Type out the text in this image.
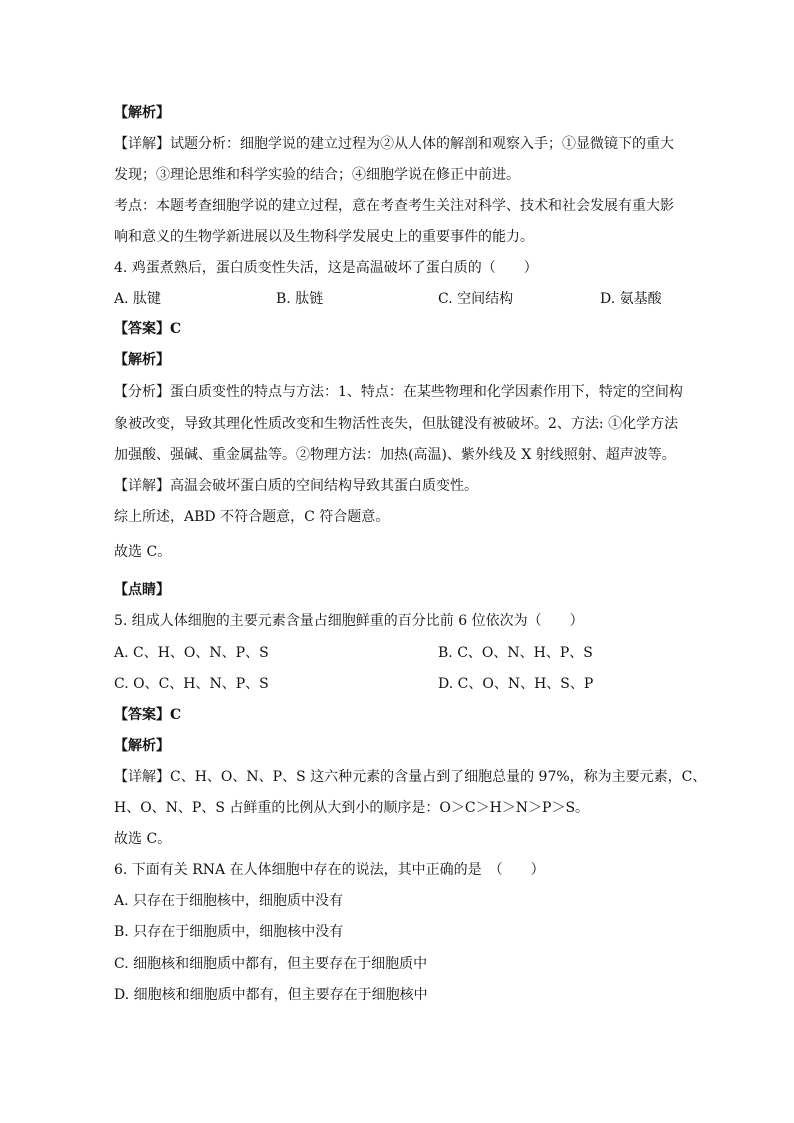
【解析】
【详解】试题分析：细胞学说的建立过程为②从人体的解剖和观察入手；①显微镜下的重大
发现；③理论思维和科学实验的结合；④细胞学说在修正中前进。
考点：本题考查细胞学说的建立过程，意在考查考生关注对科学、技术和社会发展有重大影
响和意义的生物学新进展以及生物科学发展史上的重要事件的能力。
4. 鸡蛋煮熟后，蛋白质变性失活，这是高温破坏了蛋白质的（　　）
A. 肽键	B. 肽链	C. 空间结构	D. 氨基酸
【答案】C
【解析】
【分析】蛋白质变性的特点与方法：1、特点：在某些物理和化学因素作用下，特定的空间构
象被改变，导致其理化性质改变和生物活性丧失，但肽键没有被破坏。2、方法: ①化学方法
加强酸、强碱、重金属盐等。②物理方法：加热(高温)、紫外线及 X 射线照射、超声波等。
【详解】高温会破坏蛋白质的空间结构导致其蛋白质变性。
综上所述，ABD 不符合题意，C 符合题意。
故选 C。
【点睛】
5. 组成人体细胞的主要元素含量占细胞鲜重的百分比前 6 位依次为（　　）
A. C、H、O、N、P、S	B. C、O、N、H、P、S
C. O、C、H、N、P、S	D. C、O、N、H、S、P
【答案】C
【解析】
【详解】C、H、O、N、P、S 这六种元素的含量占到了细胞总量的 97%，称为主要元素，C、
H、O、N、P、S 占鲜重的比例从大到小的顺序是：O＞C＞H＞N＞P＞S。
故选 C。
6. 下面有关 RNA 在人体细胞中存在的说法，其中正确的是　（　　）
A. 只存在于细胞核中，细胞质中没有
B. 只存在于细胞质中，细胞核中没有
C. 细胞核和细胞质中都有，但主要存在于细胞质中
D. 细胞核和细胞质中都有，但主要存在于细胞核中
